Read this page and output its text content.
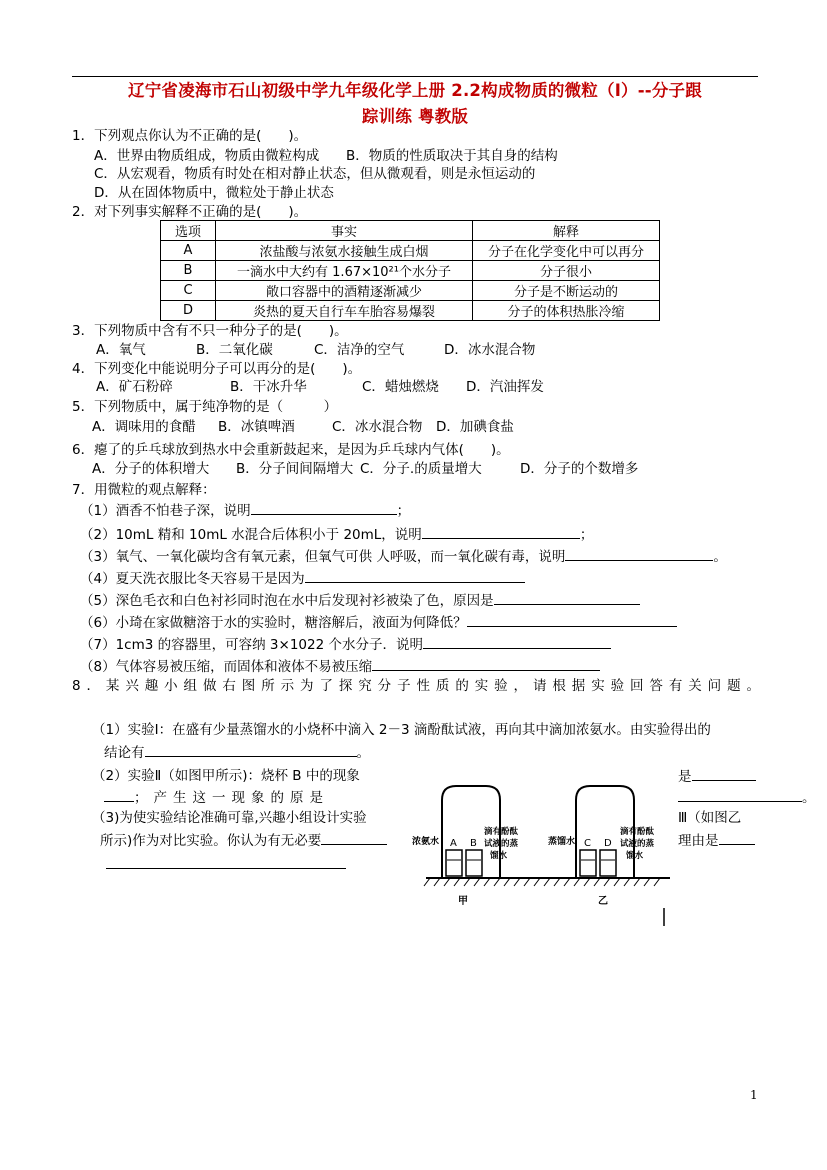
辽宁省凌海市石山初级中学九年级化学上册 2.2构成物质的微粒（Ⅰ）--分子跟
踪训练 粤教版
1．下列观点你认为不正确的是(　　)。
A．世界由物质组成，物质由微粒构成 B．物质的性质取决于其自身的结构
C．从宏观看，物质有时处在相对静止状态，但从微观看，则是永恒运动的
D．从在固体物质中，微粒处于静止状态
2．对下列事实解释不正确的是(　　)。
选项	事实	解释
A	浓盐酸与浓氨水接触生成白烟	分子在化学变化中可以再分
B	一滴水中大约有 1.67×10²¹个水分子	分子很小
C	敞口容器中的酒精逐渐减少	分子是不断运动的
D	炎热的夏天自行车车胎容易爆裂	分子的体积热胀冷缩
3．下列物质中含有不只一种分子的是(　　)。
A．氧气	B．二氧化碳	C．洁净的空气	D．冰水混合物
4．下列变化中能说明分子可以再分的是(　　)。
A．矿石粉碎	B．干冰升华	C．蜡烛燃烧 D．汽油挥发
5．下列物质中，属于纯净物的是（　　　）
A．调味用的食醋 B．冰镇啤酒	C．冰水混合物 D．加碘食盐
6．瘪了的乒乓球放到热水中会重新鼓起来，是因为乒乓球内气体(　　)。
A．分子的体积增大 B．分子间间隔增大 C．分子.的质量增大	D．分子的个数增多
7．用微粒的观点解释：
（1）酒香不怕巷子深，说明	；
（2）10mL 精和 10mL 水混合后体积小于 20mL，说明	；
（3）氧气、一氧化碳均含有氧元素，但氧气可供 人呼吸，而一氧化碳有毒，说明	。
（4）夏天洗衣服比冬天容易干是因为
（5）深色毛衣和白色衬衫同时泡在水中后发现衬衫被染了色，原因是
（6）小琦在家做糖溶于水的实验时，糖溶解后，液面为何降低？
（7）1cm3 的容器里，可容纳 3×1022 个水分子．说明
（8）气体容易被压缩，而固体和液体不易被压缩
8．某兴趣小组做右图所示为了探究分子性质的实验，请根据实验回答有关问题。
（1）实验Ⅰ：在盛有少量蒸馏水的小烧杯中滴入 2－3 滴酚酞试液，再向其中滴加浓氨水。由实验得出的
结论有	。
（2）实验Ⅱ（如图甲所示)：烧杯 B 中的现象	是
；产生这一现象的原是	。
（3)为使实验结论准确可靠,兴趣小组设计实验	Ⅲ（如图乙
所示)作为对比实验。你认为有无必要	理由是
A B
浓氨水
滴有酚酞
试液的蒸
馏水
甲
C D
蒸馏水
滴有酚酞
试液的蒸
馏水
乙
1
